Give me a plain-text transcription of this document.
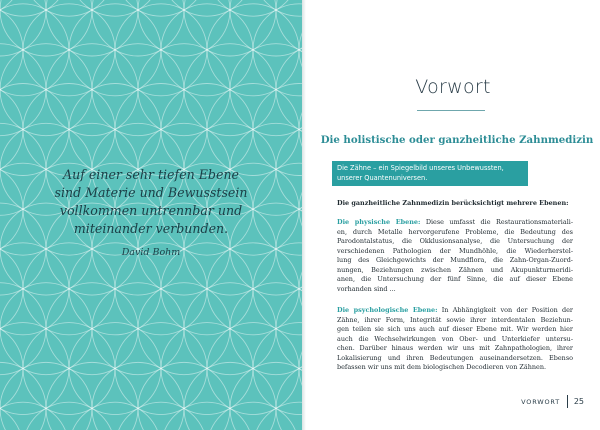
Auf einer sehr tiefen Ebene
sind Materie und Bewusstsein
vollkommen untrennbar und
miteinander verbunden.

David Bohm
Vorwort
Die holistische oder ganzheitliche Zahnmedizin
Die Zähne – ein Spiegelbild unseres Unbewussten,
unserer Quantenuniversen.
Die ganzheitliche Zahnmedizin berücksichtigt mehrere Ebenen:
Die physische Ebene: Diese umfasst die Restaurationsmateriali-
en, durch Metalle hervorgerufene Probleme, die Bedeutung des
Parodontalstatus, die Okklusionsanalyse, die Untersuchung der
verschiedenen Pathologien der Mundhöhle, die Wiederherstel-
lung des Gleichgewichts der Mundflora, die Zahn-Organ-Zuord-
nungen, Beziehungen zwischen Zähnen und Akupunkturmeridi-
anen, die Untersuchung der fünf Sinne, die auf dieser Ebene
vorhanden sind ...
Die psychologische Ebene: In Abhängigkeit von der Position der
Zähne, ihrer Form, Integrität sowie ihrer interdentalen Beziehun-
gen teilen sie sich uns auch auf dieser Ebene mit. Wir werden hier
auch die Wechselwirkungen von Ober- und Unterkiefer untersu-
chen. Darüber hinaus werden wir uns mit Zahnpathologien, ihrer
Lokalisierung und ihren Bedeutungen auseinandersetzen. Ebenso
befassen wir uns mit dem biologischen Decodieren von Zähnen.
VORWORT 25
